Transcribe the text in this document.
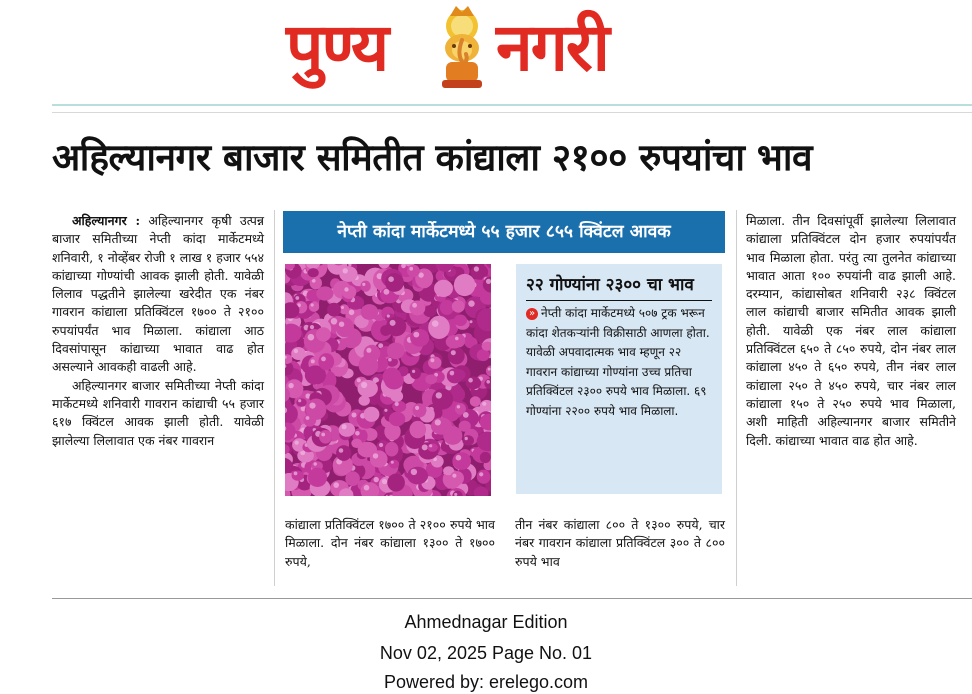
पुण्य नगरी
अहिल्यानगर बाजार समितीत कांद्याला २१०० रुपयांचा भाव

अहिल्यानगर : अहिल्यानगर कृषी उत्पन्न बाजार समितीच्या नेप्ती कांदा मार्केटमध्ये शनिवारी, १ नोव्हेंबर रोजी १ लाख १ हजार ५५४ कांद्याच्या गोण्यांची आवक झाली होती. यावेळी लिलाव पद्धतीने झालेल्या खरेदीत एक नंबर गावरान कांद्याला प्रतिक्विंटल १७०० ते २१०० रुपयांपर्यंत भाव मिळाला. कांद्याला आठ दिवसांपासून कांद्याच्या भावात वाढ होत असल्याने आवकही वाढली आहे.

अहिल्यानगर बाजार समितीच्या नेप्ती कांदा मार्केटमध्ये शनिवारी गावरान कांद्याची ५५ हजार ६१७ क्विंटल आवक झाली होती. यावेळी झालेल्या लिलावात एक नंबर गावरान

नेप्ती कांदा मार्केटमध्ये ५५ हजार ८५५ क्विंटल आवक
२२ गोण्यांना २३०० चा भाव

» नेप्ती कांदा मार्केटमध्ये ५०७ ट्रक भरून कांदा शेतकऱ्यांनी विक्रीसाठी आणला होता. यावेळी अपवादात्मक भाव म्हणून २२ गावरान कांद्याच्या गोण्यांना उच्च प्रतिचा प्रतिक्विंटल २३०० रुपये भाव मिळाला. ६९ गोण्यांना २२०० रुपये भाव मिळाला.

कांद्याला प्रतिक्विंटल १७०० ते २१०० रुपये भाव मिळाला. दोन नंबर कांद्याला १३०० ते १७०० रुपये,

तीन नंबर कांद्याला ८०० ते १३०० रुपये, चार नंबर गावरान कांद्याला प्रतिक्विंटल ३०० ते ८०० रुपये भाव

मिळाला. तीन दिवसांपूर्वी झालेल्या लिलावात कांद्याला प्रतिक्विंटल दोन हजार रुपयांपर्यंत भाव मिळाला होता. परंतु त्या तुलनेत कांद्याच्या भावात आता १०० रुपयांनी वाढ झाली आहे. दरम्यान, कांद्यासोबत शनिवारी २३८ क्विंटल लाल कांद्याची बाजार समितीत आवक झाली होती. यावेळी एक नंबर लाल कांद्याला प्रतिक्विंटल ६५० ते ८५० रुपये, दोन नंबर लाल कांद्याला ४५० ते ६५० रुपये, तीन नंबर लाल कांद्याला २५० ते ४५० रुपये, चार नंबर लाल कांद्याला १५० ते २५० रुपये भाव मिळाला, अशी माहिती अहिल्यानगर बाजार समितीने दिली. कांद्याच्या भावात वाढ होत आहे.

Ahmednagar Edition
Nov 02, 2025 Page No. 01
Powered by: erelego.com
